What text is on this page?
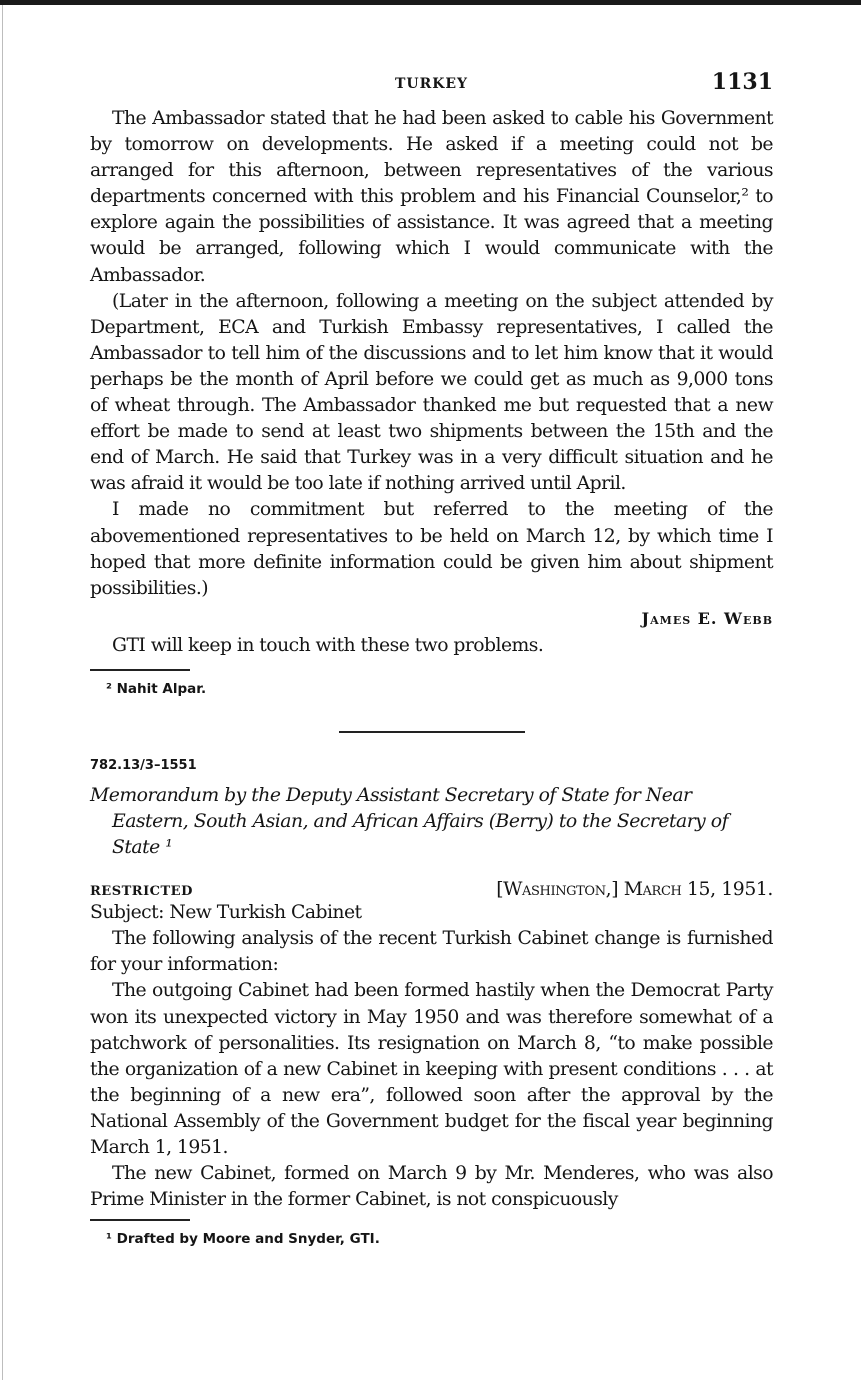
TURKEY	1131

The Ambassador stated that he had been asked to cable his Government by tomorrow on developments. He asked if a meeting could not be arranged for this afternoon, between representatives of the various departments concerned with this problem and his Financial Counselor,² to explore again the possibilities of assistance. It was agreed that a meeting would be arranged, following which I would communicate with the Ambassador.

(Later in the afternoon, following a meeting on the subject attended by Department, ECA and Turkish Embassy representatives, I called the Ambassador to tell him of the discussions and to let him know that it would perhaps be the month of April before we could get as much as 9,000 tons of wheat through. The Ambassador thanked me but requested that a new effort be made to send at least two shipments between the 15th and the end of March. He said that Turkey was in a very difficult situation and he was afraid it would be too late if nothing arrived until April.

I made no commitment but referred to the meeting of the abovementioned representatives to be held on March 12, by which time I hoped that more definite information could be given him about shipment possibilities.)

James E. Webb

GTI will keep in touch with these two problems.

² Nahit Alpar.
782.13/3–1551
Memorandum by the Deputy Assistant Secretary of State for Near Eastern, South Asian, and African Affairs (Berry) to the Secretary of State ¹
RESTRICTED	[Washington,] March 15, 1951.
Subject: New Turkish Cabinet

The following analysis of the recent Turkish Cabinet change is furnished for your information:

The outgoing Cabinet had been formed hastily when the Democrat Party won its unexpected victory in May 1950 and was therefore somewhat of a patchwork of personalities. Its resignation on March 8, “to make possible the organization of a new Cabinet in keeping with present conditions . . . at the beginning of a new era”, followed soon after the approval by the National Assembly of the Government budget for the fiscal year beginning March 1, 1951.

The new Cabinet, formed on March 9 by Mr. Menderes, who was also Prime Minister in the former Cabinet, is not conspicuously

¹ Drafted by Moore and Snyder, GTI.
